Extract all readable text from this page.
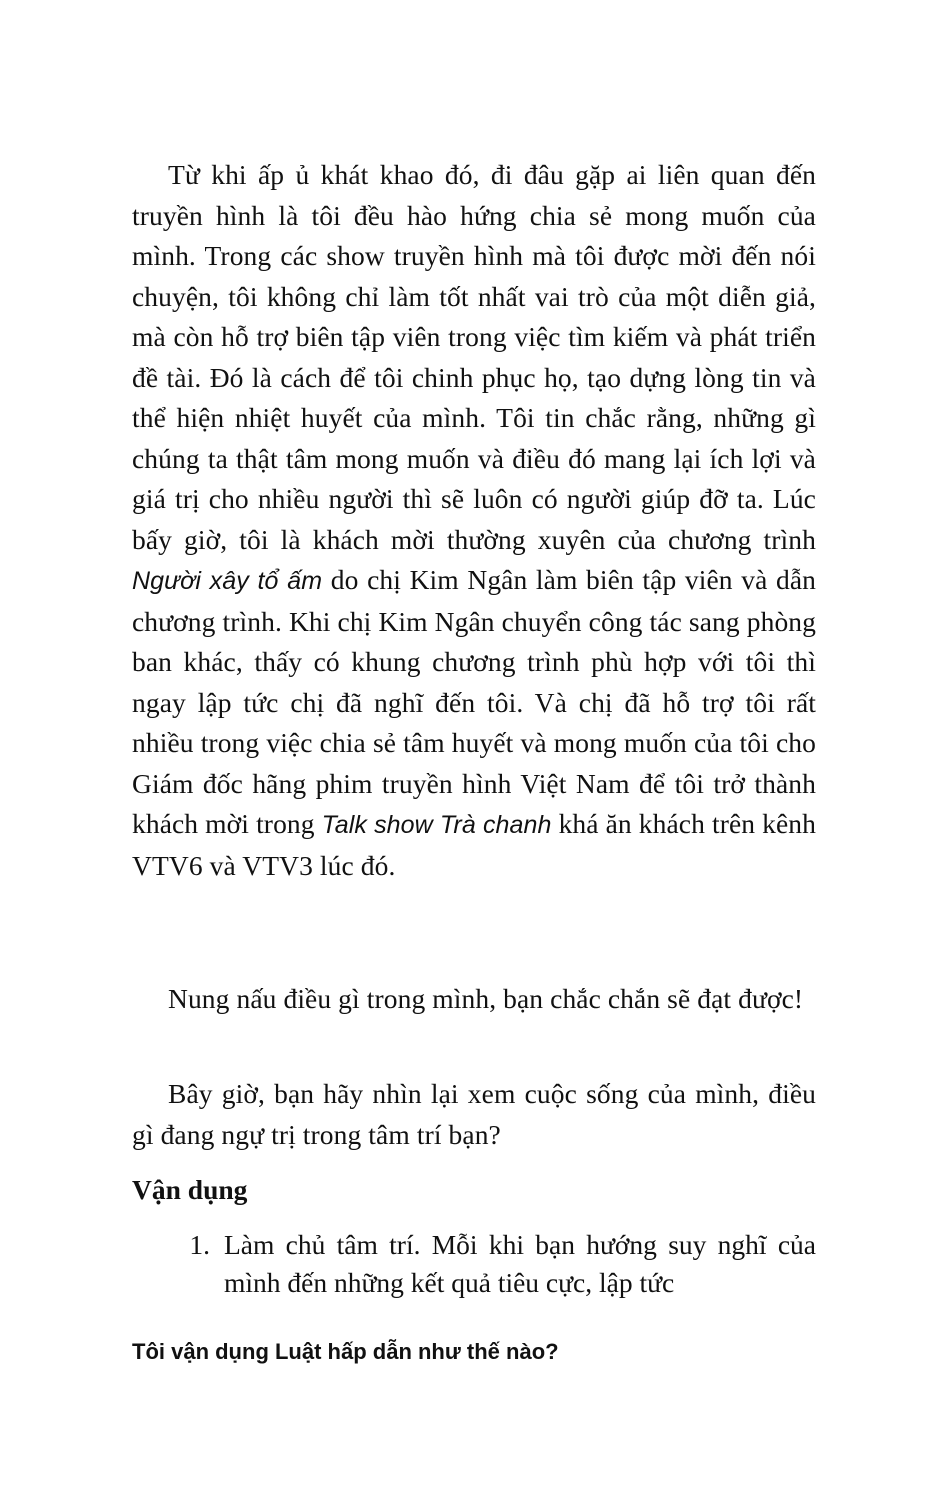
Từ khi ấp ủ khát khao đó, đi đâu gặp ai liên quan đến truyền hình là tôi đều hào hứng chia sẻ mong muốn của mình. Trong các show truyền hình mà tôi được mời đến nói chuyện, tôi không chỉ làm tốt nhất vai trò của một diễn giả, mà còn hỗ trợ biên tập viên trong việc tìm kiếm và phát triển đề tài. Đó là cách để tôi chinh phục họ, tạo dựng lòng tin và thể hiện nhiệt huyết của mình. Tôi tin chắc rằng, những gì chúng ta thật tâm mong muốn và điều đó mang lại ích lợi và giá trị cho nhiều người thì sẽ luôn có người giúp đỡ ta. Lúc bấy giờ, tôi là khách mời thường xuyên của chương trình Người xây tổ ấm do chị Kim Ngân làm biên tập viên và dẫn chương trình. Khi chị Kim Ngân chuyển công tác sang phòng ban khác, thấy có khung chương trình phù hợp với tôi thì ngay lập tức chị đã nghĩ đến tôi. Và chị đã hỗ trợ tôi rất nhiều trong việc chia sẻ tâm huyết và mong muốn của tôi cho Giám đốc hãng phim truyền hình Việt Nam để tôi trở thành khách mời trong Talk show Trà chanh khá ăn khách trên kênh VTV6 và VTV3 lúc đó.

Nung nấu điều gì trong mình, bạn chắc chắn sẽ đạt được!

Bây giờ, bạn hãy nhìn lại xem cuộc sống của mình, điều gì đang ngự trị trong tâm trí bạn?

Vận dụng
1. Làm chủ tâm trí. Mỗi khi bạn hướng suy nghĩ của mình đến những kết quả tiêu cực, lập tức
Tôi vận dụng Luật hấp dẫn như thế nào?
